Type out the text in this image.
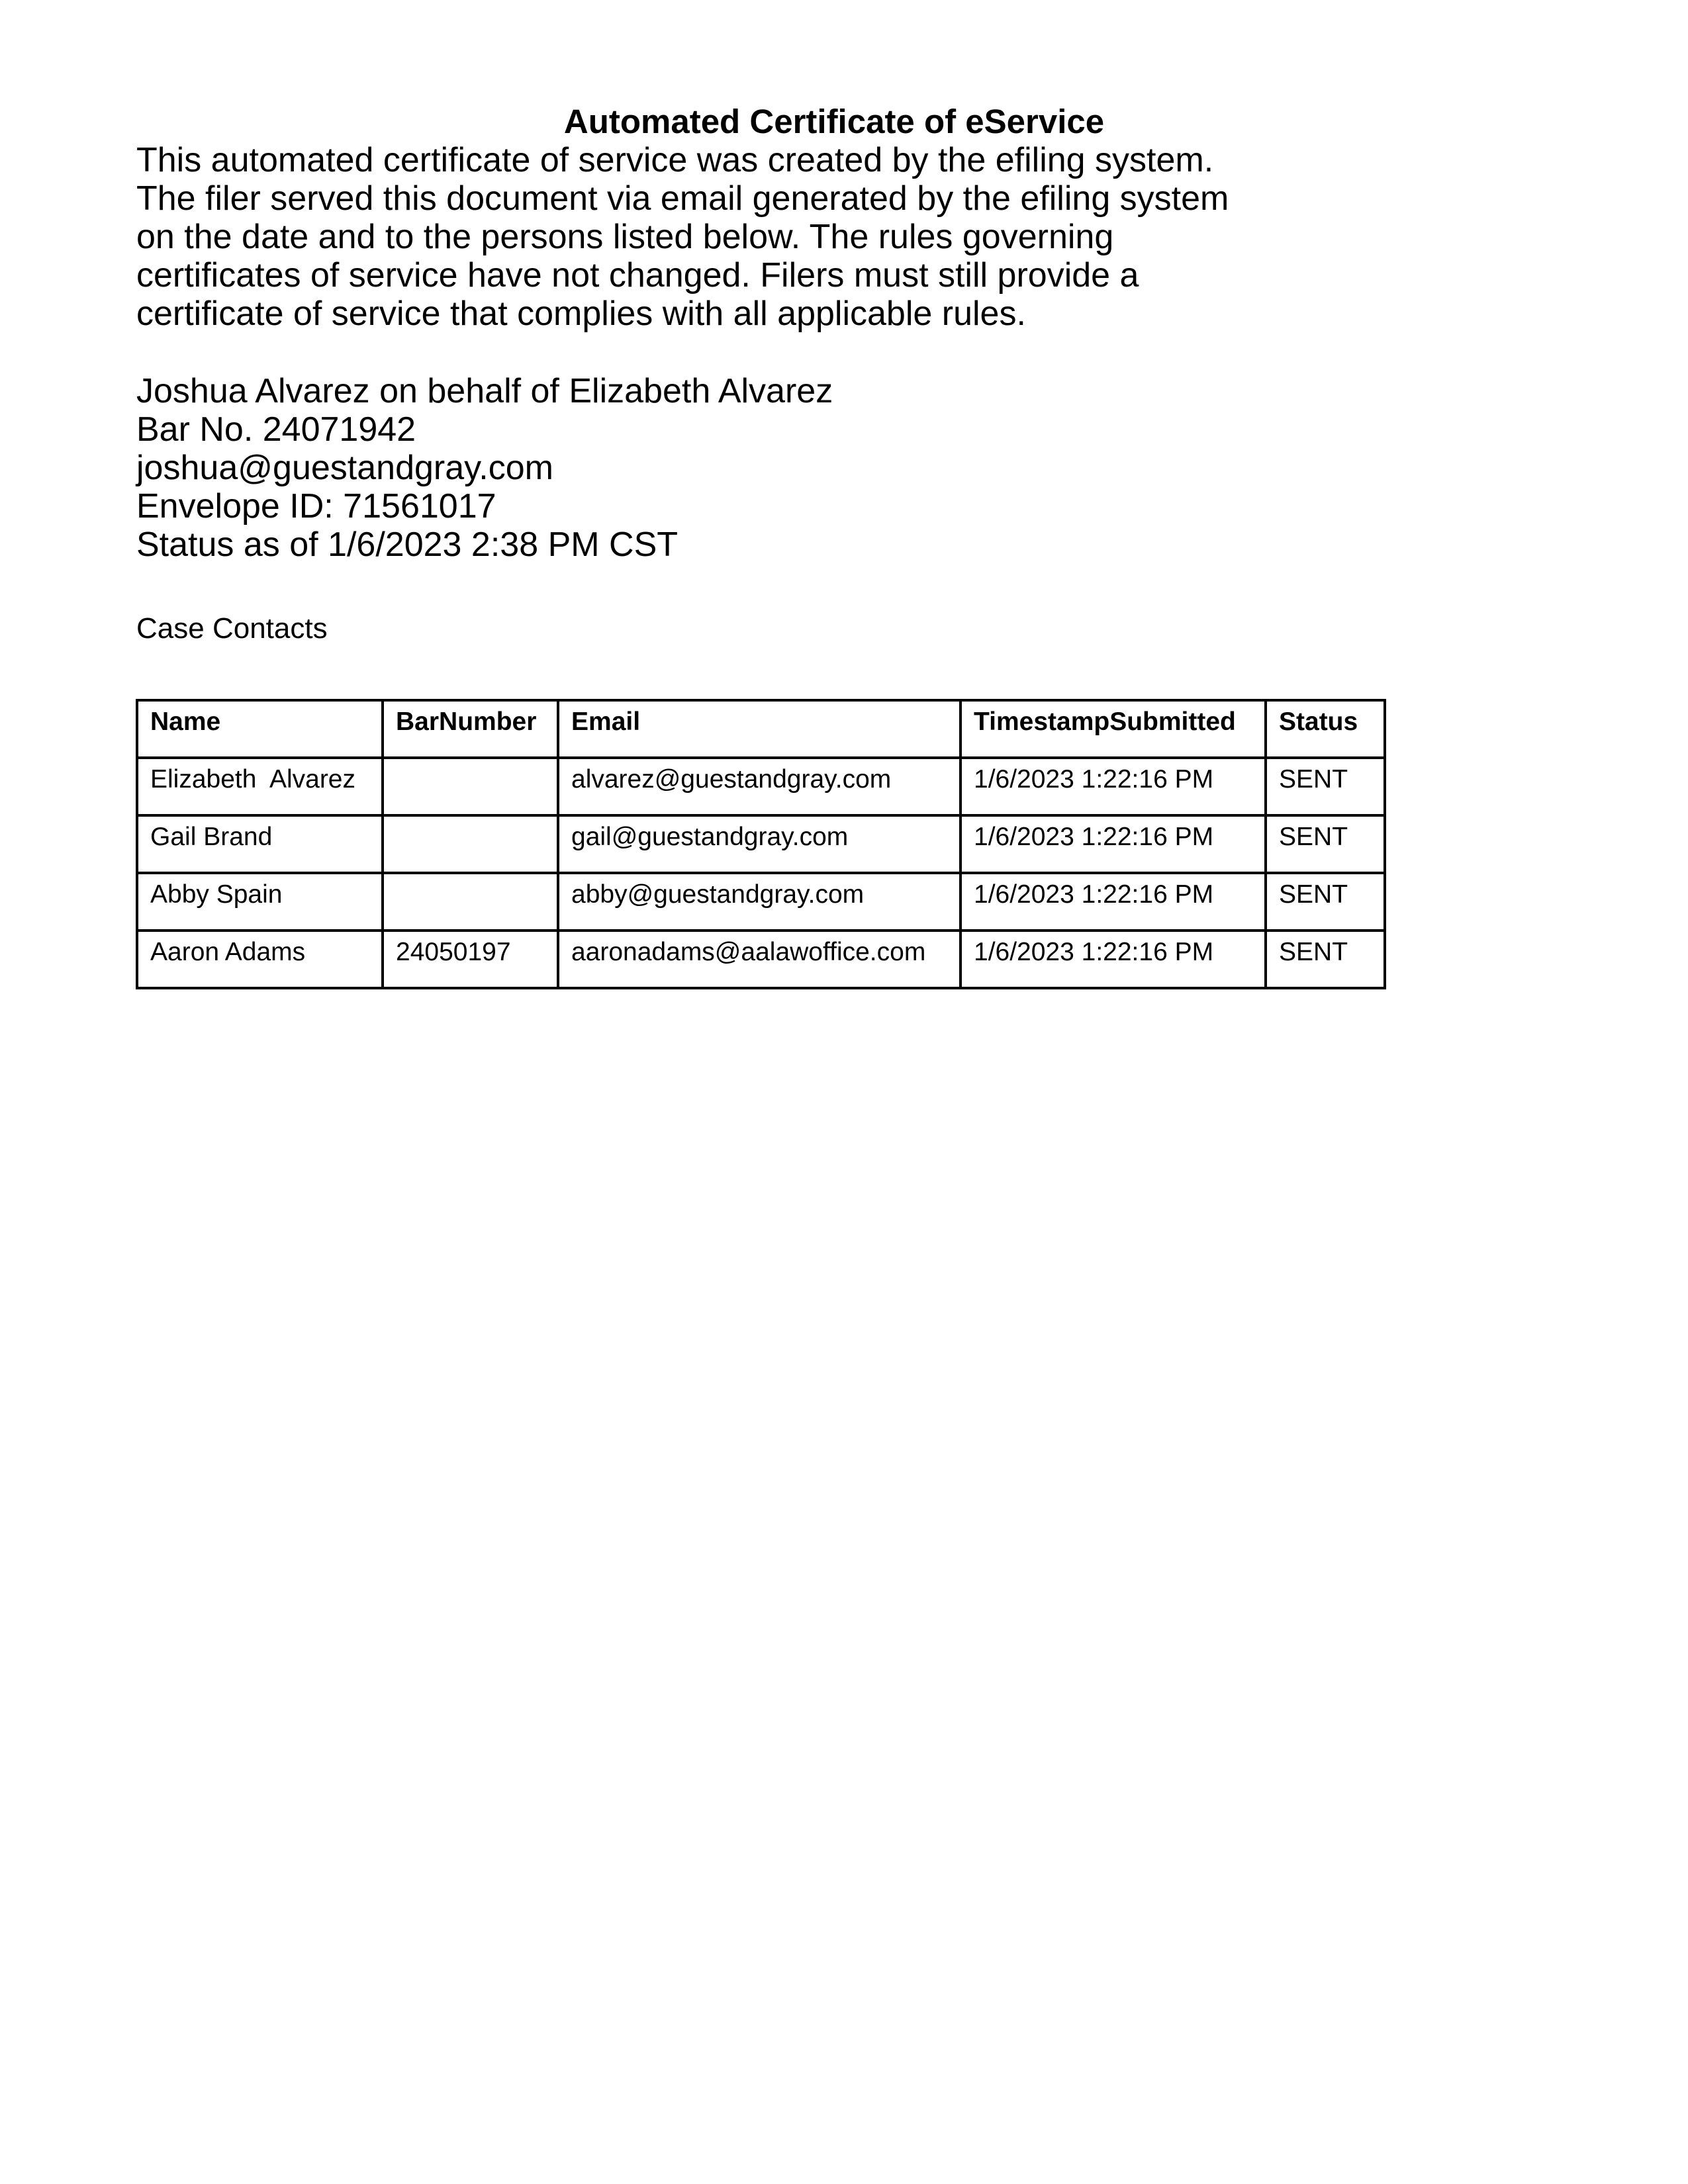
Automated Certificate of eService
This automated certificate of service was created by the efiling system.
The filer served this document via email generated by the efiling system
on the date and to the persons listed below. The rules governing
certificates of service have not changed. Filers must still provide a
certificate of service that complies with all applicable rules.
Joshua Alvarez on behalf of Elizabeth Alvarez
Bar No. 24071942
joshua@guestandgray.com
Envelope ID: 71561017
Status as of 1/6/2023 2:38 PM CST
Case Contacts
Name	BarNumber	Email	TimestampSubmitted	Status
Elizabeth  Alvarez		alvarez@guestandgray.com	1/6/2023 1:22:16 PM	SENT
Gail Brand		gail@guestandgray.com	1/6/2023 1:22:16 PM	SENT
Abby Spain		abby@guestandgray.com	1/6/2023 1:22:16 PM	SENT
Aaron Adams	24050197	aaronadams@aalawoffice.com	1/6/2023 1:22:16 PM	SENT
